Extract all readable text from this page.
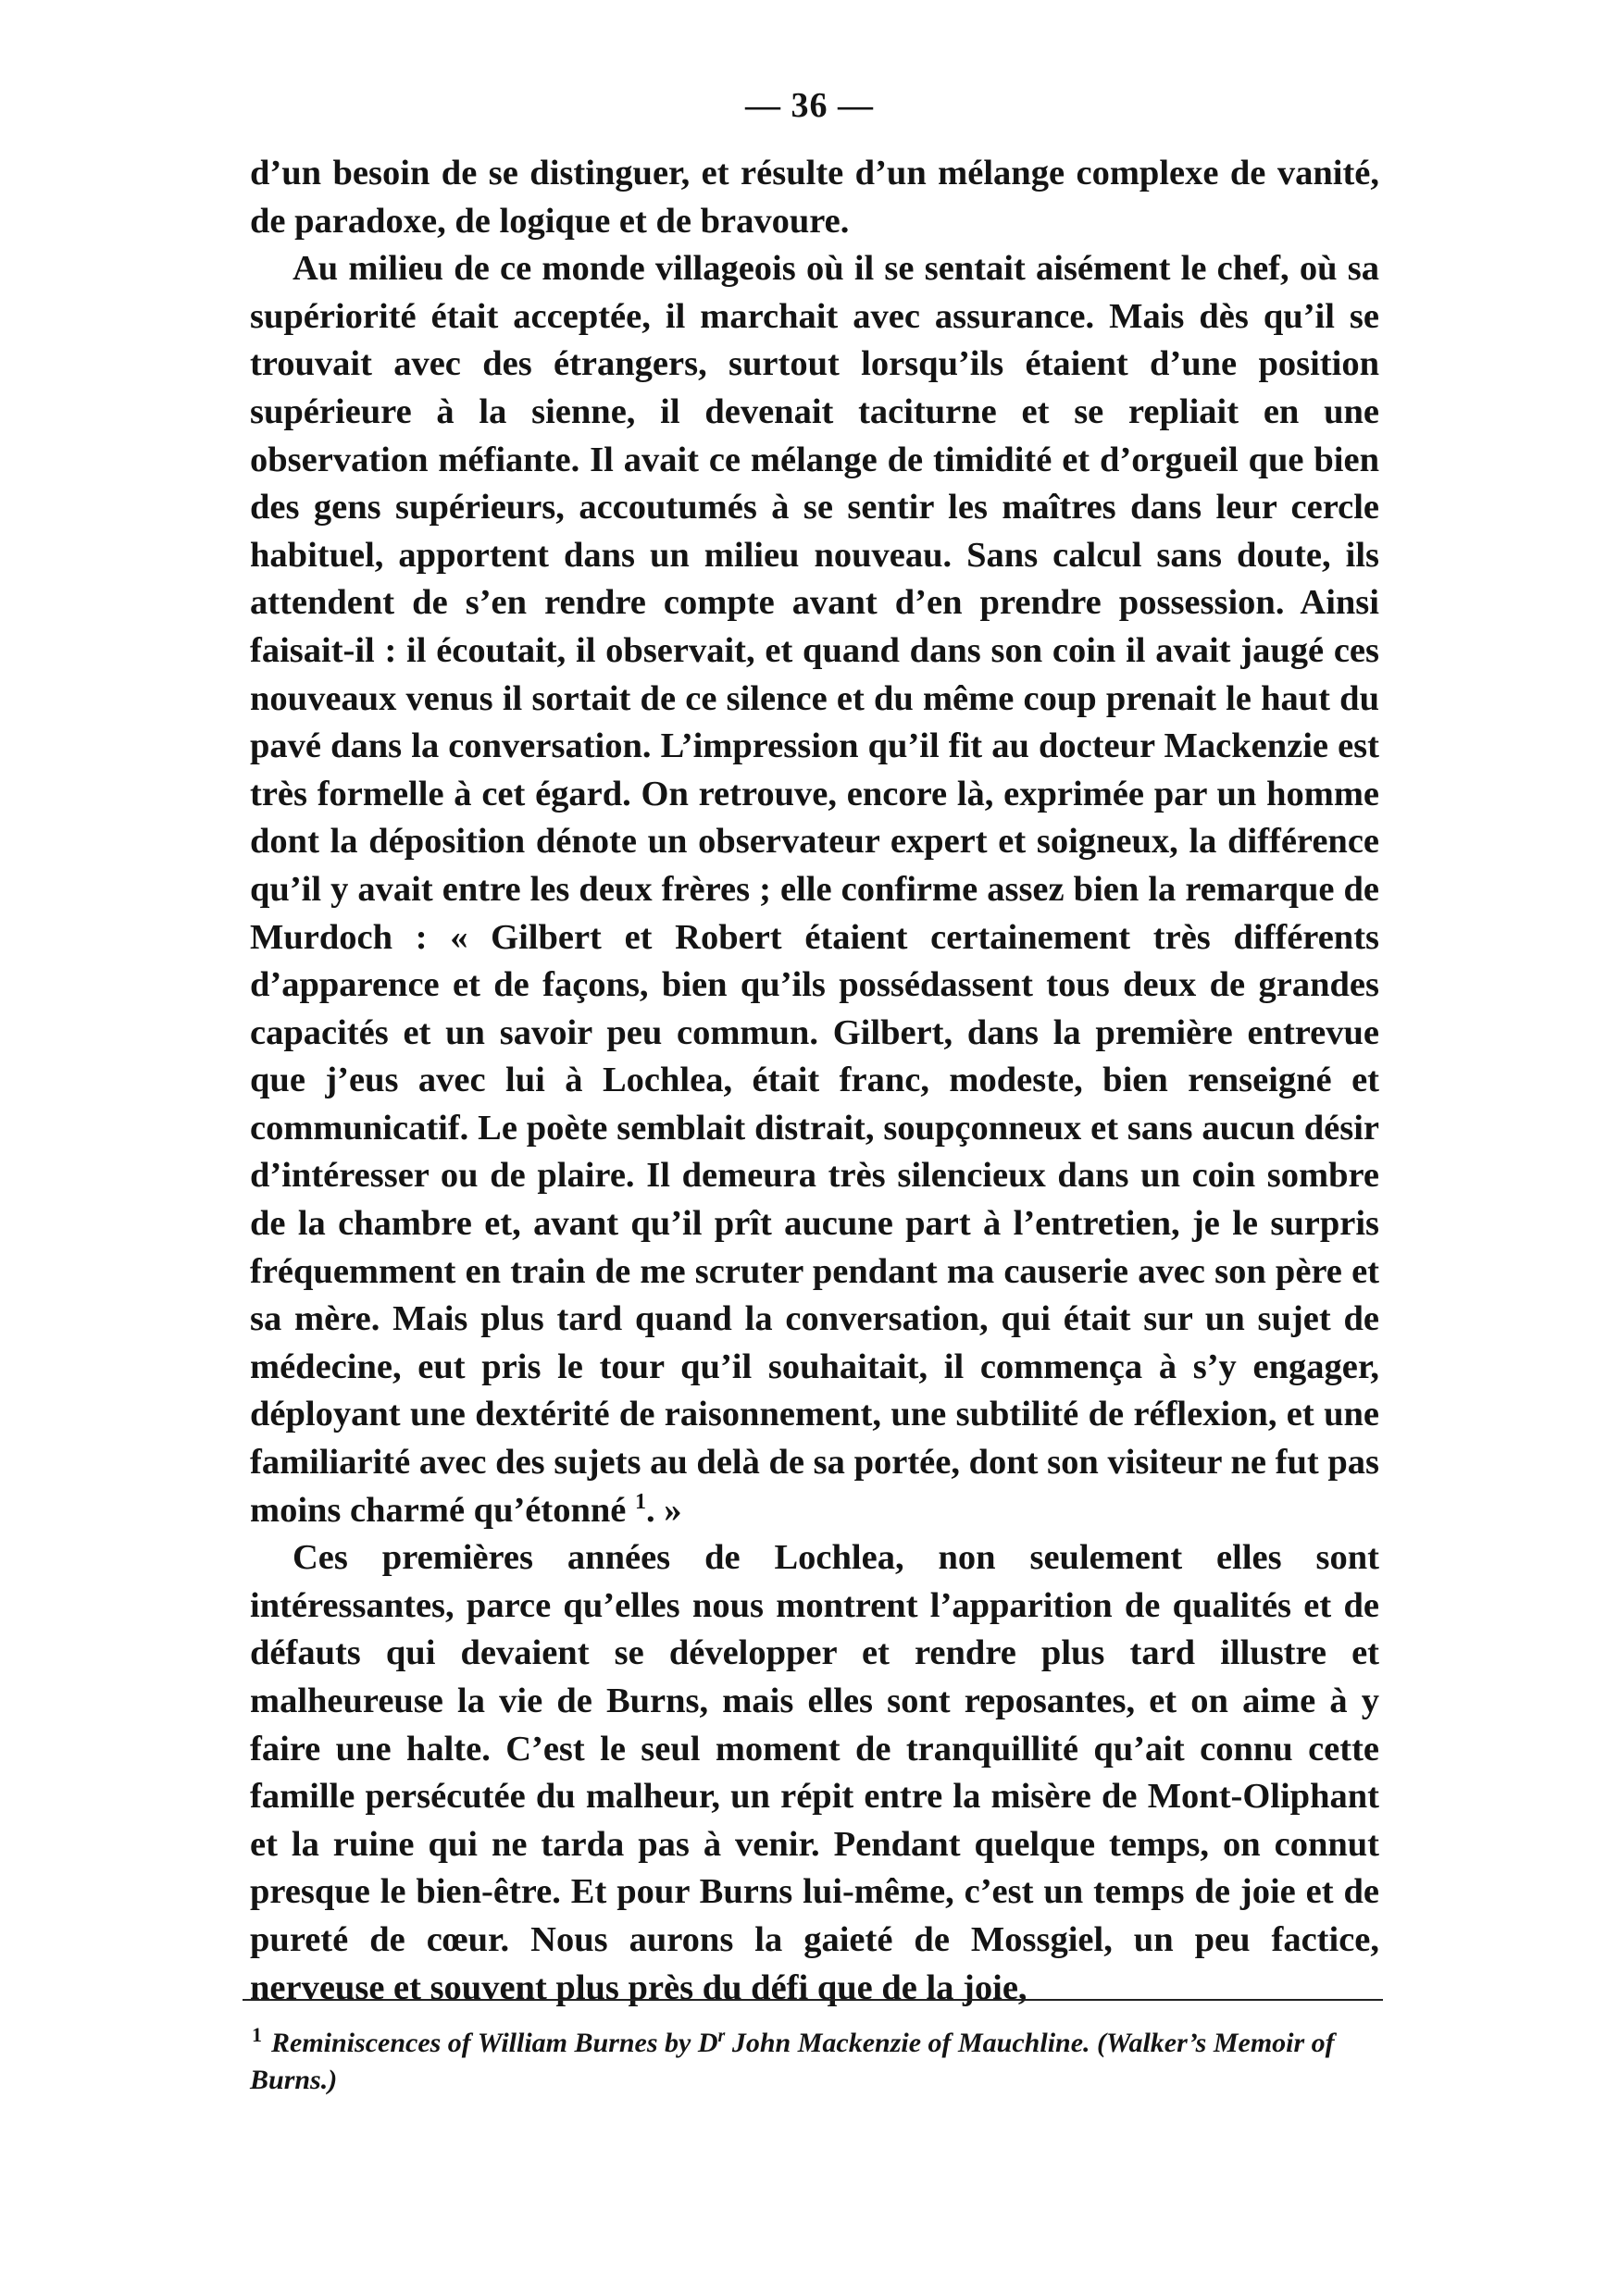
— 36 —

d’un besoin de se distinguer, et résulte d’un mélange complexe de vanité, de paradoxe, de logique et de bravoure.

Au milieu de ce monde villageois où il se sentait aisément le chef, où sa supériorité était acceptée, il marchait avec assurance. Mais dès qu’il se trouvait avec des étrangers, surtout lorsqu’ils étaient d’une position supérieure à la sienne, il devenait taciturne et se repliait en une observation méfiante. Il avait ce mélange de timidité et d’orgueil que bien des gens supérieurs, accoutumés à se sentir les maîtres dans leur cercle habituel, apportent dans un milieu nouveau. Sans calcul sans doute, ils attendent de s’en rendre compte avant d’en prendre possession. Ainsi faisait-il : il écoutait, il observait, et quand dans son coin il avait jaugé ces nouveaux venus il sortait de ce silence et du même coup prenait le haut du pavé dans la conversation. L’impression qu’il fit au docteur Mackenzie est très formelle à cet égard. On retrouve, encore là, exprimée par un homme dont la déposition dénote un observateur expert et soigneux, la différence qu’il y avait entre les deux frères ; elle confirme assez bien la remarque de Murdoch : « Gilbert et Robert étaient certainement très différents d’apparence et de façons, bien qu’ils possédassent tous deux de grandes capacités et un savoir peu commun. Gilbert, dans la première entrevue que j’eus avec lui à Lochlea, était franc, modeste, bien renseigné et communicatif. Le poète semblait distrait, soupçonneux et sans aucun désir d’intéresser ou de plaire. Il demeura très silencieux dans un coin sombre de la chambre et, avant qu’il prît aucune part à l’entretien, je le surpris fréquemment en train de me scruter pendant ma causerie avec son père et sa mère. Mais plus tard quand la conversation, qui était sur un sujet de médecine, eut pris le tour qu’il souhaitait, il commença à s’y engager, déployant une dextérité de raisonnement, une subtilité de réflexion, et une familiarité avec des sujets au delà de sa portée, dont son visiteur ne fut pas moins charmé qu’étonné $^1$. »

Ces premières années de Lochlea, non seulement elles sont intéressantes, parce qu’elles nous montrent l’apparition de qualités et de défauts qui devaient se développer et rendre plus tard illustre et malheureuse la vie de Burns, mais elles sont reposantes, et on aime à y faire une halte. C’est le seul moment de tranquillité qu’ait connu cette famille persécutée du malheur, un répit entre la misère de Mont-Oliphant et la ruine qui ne tarda pas à venir. Pendant quelque temps, on connut presque le bien-être. Et pour Burns lui-même, c’est un temps de joie et de pureté de cœur. Nous aurons la gaieté de Mossgiel, un peu factice, nerveuse et souvent plus près du défi que de la joie,

$^1$ Reminiscences of William Burnes by $D^r$ John Mackenzie of Mauchline. (Walker’s Memoir of Burns.)
